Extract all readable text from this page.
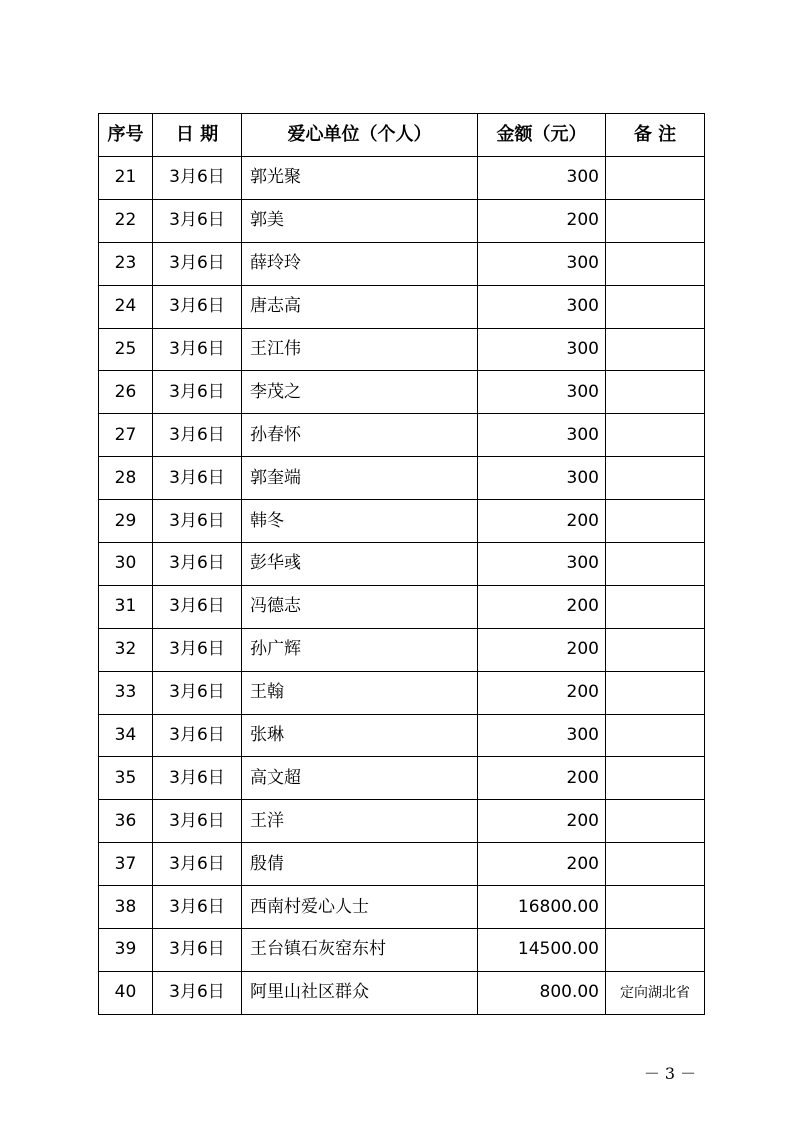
序号	日 期	爱心单位（个人）	金额（元）	备 注
21	3月6日	郭光聚	300	
22	3月6日	郭美	200	
23	3月6日	薛玲玲	300	
24	3月6日	唐志高	300	
25	3月6日	王江伟	300	
26	3月6日	李茂之	300	
27	3月6日	孙春怀	300	
28	3月6日	郭奎端	300	
29	3月6日	韩冬	200	
30	3月6日	彭华彧	300	
31	3月6日	冯德志	200	
32	3月6日	孙广辉	200	
33	3月6日	王翰	200	
34	3月6日	张琳	300	
35	3月6日	高文超	200	
36	3月6日	王洋	200	
37	3月6日	殷倩	200	
38	3月6日	西南村爱心人士	16800.00	
39	3月6日	王台镇石灰窑东村	14500.00	
40	3月6日	阿里山社区群众	800.00	定向湖北省
－ 3 －
